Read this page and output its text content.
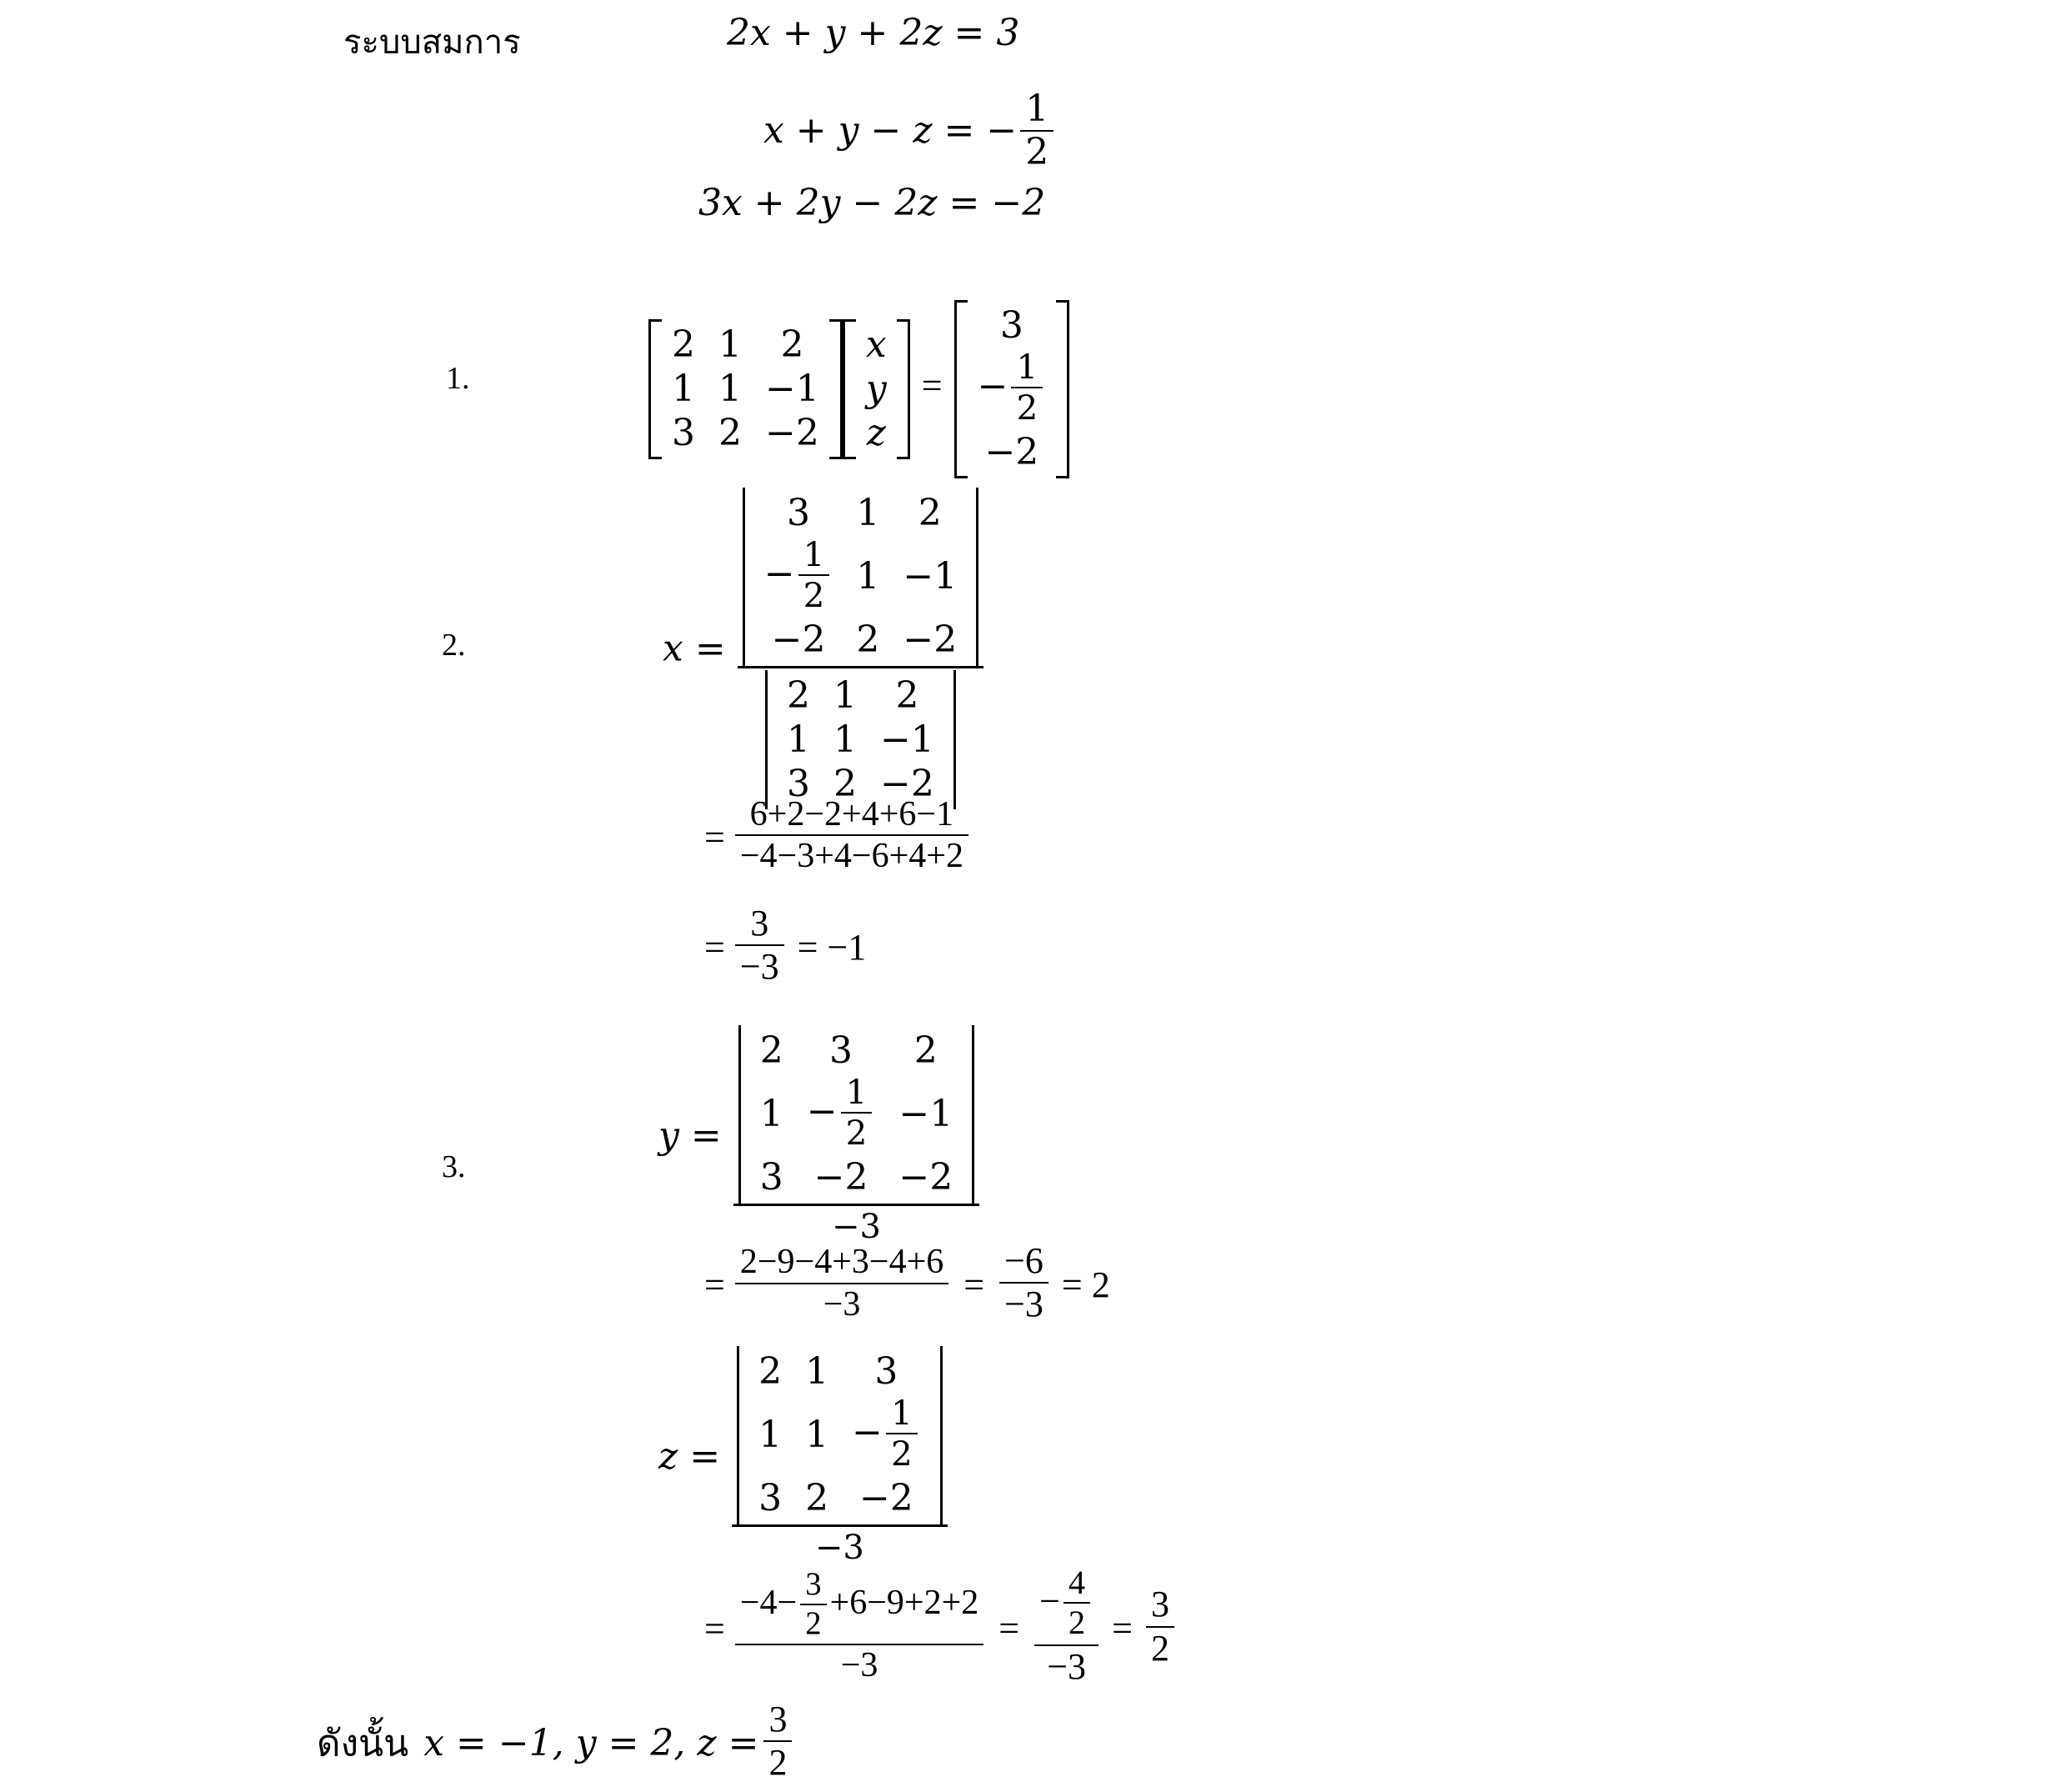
ระบบสมการ	2x + y + 2z = 3
x + y − z = − $\frac{1}{2}$
3x + 2y − 2z = −2
1.
2	1	2
1	1	−1
3	2	−2
x
y
z
=
3
− $\frac{1}{2}$

−2
2.	x =
3	1	2
− $\frac{1}{2}$	1	−1
−2	2	−2
2	1	2
1	1	−1
3	2	−2
= $\frac{6+2-2+4+6-1}{-4-3+4-6+4+2}$
= $\frac{3}{-3} = -1$
3.
y =
2	3	2
1	− $\frac{1}{2}$	−1
3	−2	−2
−3
= $\frac{2-9-4+3-4+6}{-3} = \frac{-6}{-3} = 2$
z =
2	1	3
1	1	− $\frac{1}{2}$

3	2	−2
−3
= $\frac{-4- \frac{3}{2} +6-9+2+2}{-3} = \frac{- \frac{4}{2}}{-3} = \frac{3}{2}$
ดังนั้น x = −1, y = 2, $z = \frac{3}{2}$
